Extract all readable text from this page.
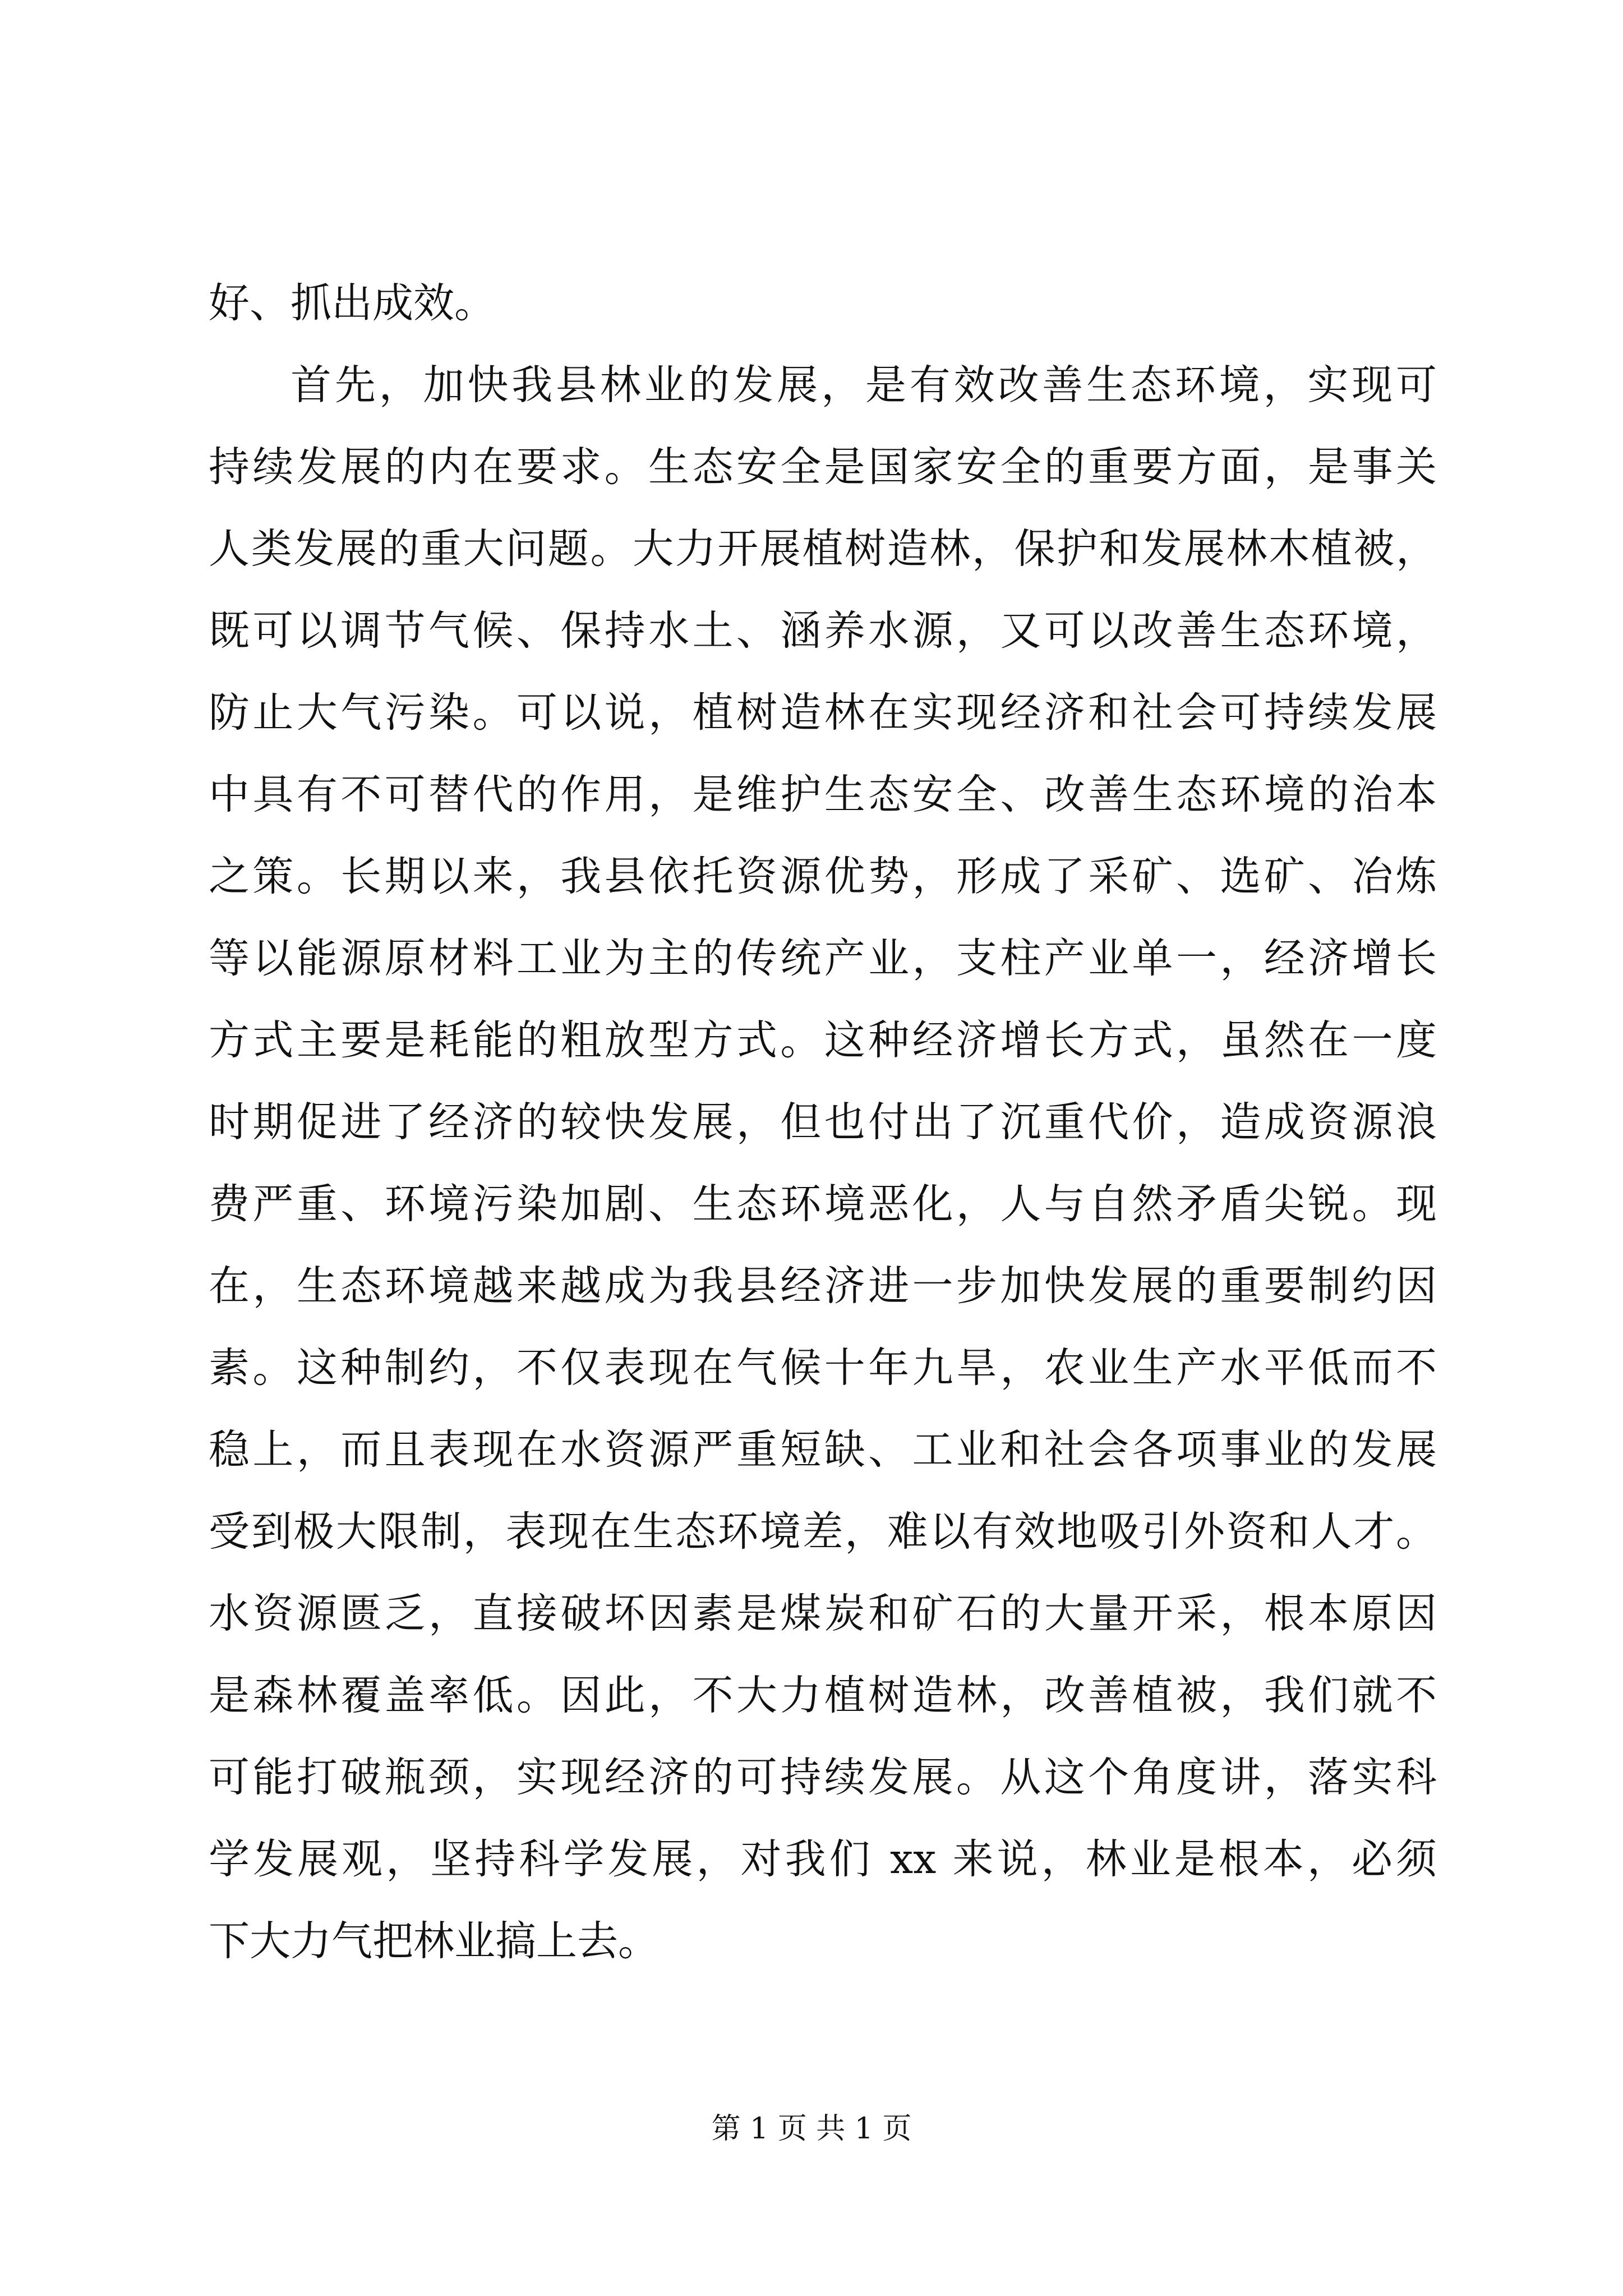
好、抓出成效。
首先，加快我县林业的发展，是有效改善生态环境，实现可
持续发展的内在要求。生态安全是国家安全的重要方面，是事关
人类发展的重大问题。大力开展植树造林，保护和发展林木植被，
既可以调节气候、保持水土、涵养水源，又可以改善生态环境，
防止大气污染。可以说，植树造林在实现经济和社会可持续发展
中具有不可替代的作用，是维护生态安全、改善生态环境的治本
之策。长期以来，我县依托资源优势，形成了采矿、选矿、冶炼
等以能源原材料工业为主的传统产业，支柱产业单一，经济增长
方式主要是耗能的粗放型方式。这种经济增长方式，虽然在一度
时期促进了经济的较快发展，但也付出了沉重代价，造成资源浪
费严重、环境污染加剧、生态环境恶化，人与自然矛盾尖锐。现
在，生态环境越来越成为我县经济进一步加快发展的重要制约因
素。这种制约，不仅表现在气候十年九旱，农业生产水平低而不
稳上，而且表现在水资源严重短缺、工业和社会各项事业的发展
受到极大限制，表现在生态环境差，难以有效地吸引外资和人才。
水资源匮乏，直接破坏因素是煤炭和矿石的大量开采，根本原因
是森林覆盖率低。因此，不大力植树造林，改善植被，我们就不
可能打破瓶颈，实现经济的可持续发展。从这个角度讲，落实科
学发展观，坚持科学发展，对我们 xx 来说，林业是根本，必须
下大力气把林业搞上去。
第 1 页 共 1 页
